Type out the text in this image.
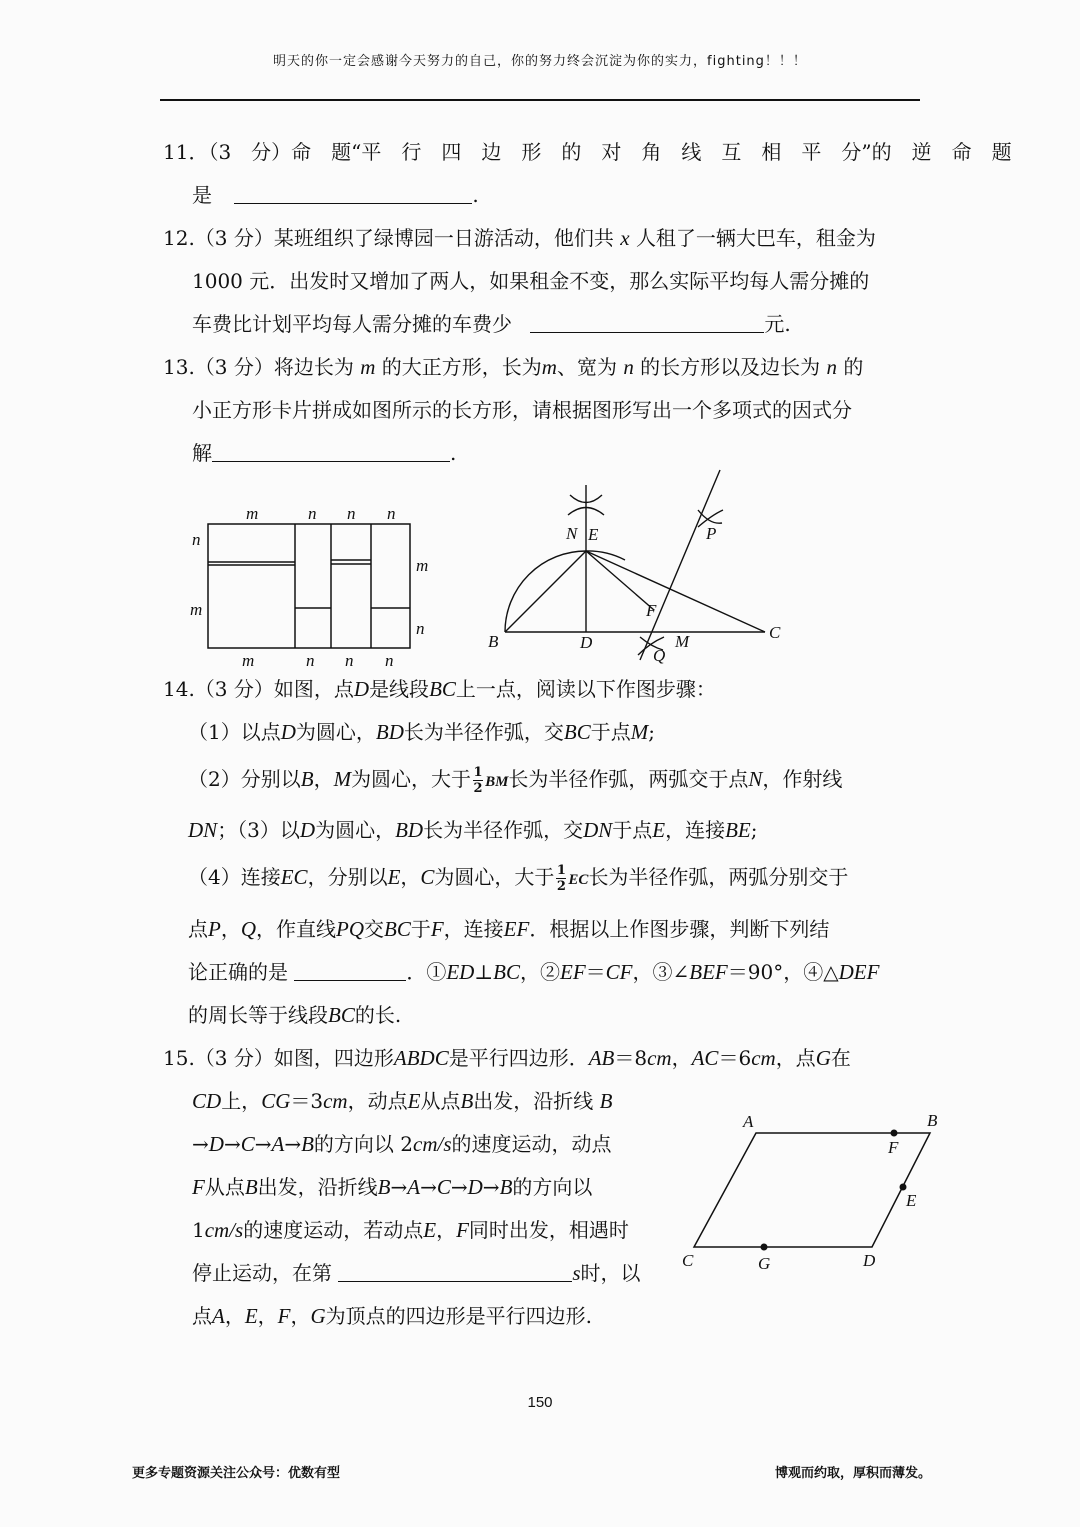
明天的你一定会感谢今天努力的自己，你的努力终会沉淀为你的实力，fighting！！！
11．（3　分）命　题“平　行　四　边　形　的　对　角　线　互　相　平　分”的　逆　命　题
是	.
12.（3 分）某班组织了绿博园一日游活动，他们共 x 人租了一辆大巴车，租金为
1000 元．出发时又增加了两人，如果租金不变，那么实际平均每人需分摊的
车费比计划平均每人需分摊的车费少	元.
13.（3 分）将边长为 m 的大正方形，长为m、宽为 n 的长方形以及边长为 n 的
小正方形卡片拼成如图所示的长方形，请根据图形写出一个多项式的因式分
解	.
m	n n n
m	n n n
n
m
m
n
N E	P
F
B	D	M	C
Q
14.（3 分）如图，点D是线段BC上一点，阅读以下作图步骤：
（1）以点D为圆心，BD长为半径作弧，交BC于点M;
（2）分别以B，M为圆心，大于 $\frac{1}{2}$ BM长为半径作弧，两弧交于点N，作射线
DN；（3）以D为圆心，BD长为半径作弧，交DN于点E，连接BE;
（4）连接EC，分别以E，C为圆心，大于 $\frac{1}{2}$ EC长为半径作弧，两弧分别交于
点P，Q，作直线PQ交BC于F，连接EF．根据以上作图步骤，判断下列结
论正确的是	．①ED⊥BC，②EF＝CF，③∠BEF＝90°，④△DEF
的周长等于线段BC的长.
15.（3 分）如图，四边形ABDC是平行四边形．AB＝8cm，AC＝6cm，点G在
CD上，CG＝3cm，动点E从点B出发，沿折线 B
→D→C→A→B的方向以 2cm/s的速度运动，动点
F从点B出发，沿折线B→A→C→D→B的方向以
1cm/s的速度运动，若动点E，F同时出发，相遇时
停止运动，在第	s时，以
点A，E，F，G为顶点的四边形是平行四边形.
A	B
F
E
C	G	D
150
更多专题资源关注公众号：优数有型	博观而约取，厚积而薄发。
